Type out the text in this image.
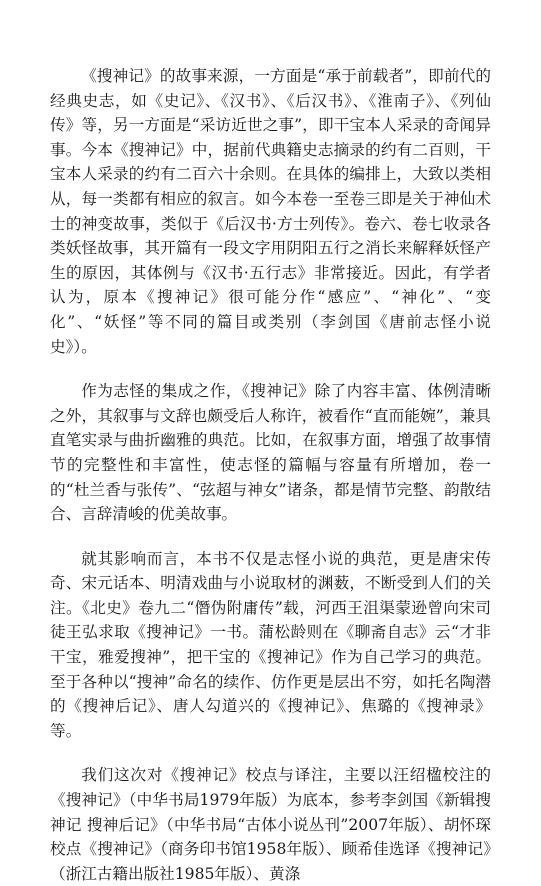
《搜神记》的故事来源，一方面是“承于前载者”，即前代的经典史志，如《史记》、《汉书》、《后汉书》、《淮南子》、《列仙传》等，另一方面是“采访近世之事”，即干宝本人采录的奇闻异事。今本《搜神记》中，据前代典籍史志摘录的约有二百则，干宝本人采录的约有二百六十余则。在具体的编排上，大致以类相从，每一类都有相应的叙言。如今本卷一至卷三即是关于神仙术士的神变故事，类似于《后汉书·方士列传》。卷六、卷七收录各类妖怪故事，其开篇有一段文字用阴阳五行之消长来解释妖怪产生的原因，其体例与《汉书·五行志》非常接近。因此，有学者认为，原本《搜神记》很可能分作“感应”、“神化”、“变化”、“妖怪”等不同的篇目或类别（李剑国《唐前志怪小说史》）。

作为志怪的集成之作，《搜神记》除了内容丰富、体例清晰之外，其叙事与文辞也颇受后人称许，被看作“直而能婉”，兼具直笔实录与曲折幽雅的典范。比如，在叙事方面，增强了故事情节的完整性和丰富性，使志怪的篇幅与容量有所增加，卷一的“杜兰香与张传”、“弦超与神女”诸条，都是情节完整、韵散结合、言辞清峻的优美故事。

就其影响而言，本书不仅是志怪小说的典范，更是唐宋传奇、宋元话本、明清戏曲与小说取材的渊薮，不断受到人们的关注。《北史》卷九二“僭伪附庸传”载，河西王沮渠蒙逊曾向宋司徒王弘求取《搜神记》一书。蒲松龄则在《聊斋自志》云“才非干宝，雅爱搜神”，把干宝的《搜神记》作为自己学习的典范。至于各种以“搜神”命名的续作、仿作更是层出不穷，如托名陶潜的《搜神后记》、唐人勾道兴的《搜神记》、焦璐的《搜神录》等。

我们这次对《搜神记》校点与译注，主要以汪绍楹校注的《搜神记》（中华书局1979年版）为底本，参考李剑国《新辑搜神记 搜神后记》（中华书局“古体小说丛刊”2007年版）、胡怀琛校点《搜神记》（商务印书馆1958年版）、顾希佳选译《搜神记》（浙江古籍出版社1985年版）、黄涤
